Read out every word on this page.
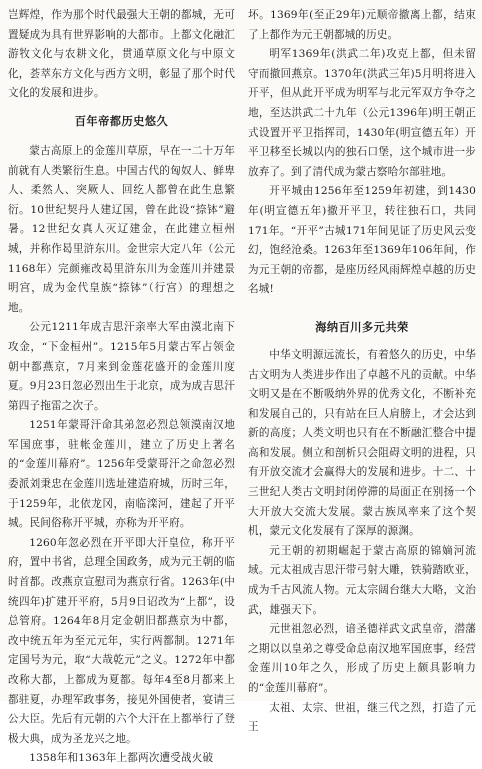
岂辉煌，作为那个时代最强大王朝的都城，无可置疑成为具有世界影响的大都市。上都文化融汇游牧文化与农耕文化，贯通草原文化与中原文化，荟萃东方文化与西方文明，彰显了那个时代文化的发展和进步。

百年帝都历史悠久

蒙古高原上的金莲川草原，早在一二十万年前就有人类繁衍生息。中国古代的匈奴人、鲜卑人、柔然人、突厥人、回纥人都曾在此生息繁衍。10世纪契丹人建辽国，曾在此设“捺钵”避暑。12世纪女真人灭辽建金，在此建立桓州城，并称作曷里浒东川。金世宗大定八年（公元1168年）完颜雍改曷里浒东川为金莲川并建景明宫，成为金代皇族“捺钵”（行宫）的理想之地。

公元1211年成吉思汗亲率大军由漠北南下攻金，“下金桓州”。1215年5月蒙古军占领金朝中都燕京，7月来到金莲花盛开的金莲川度夏。9月23日忽必烈出生于北京，成为成吉思汗第四子拖雷之次子。

1251年蒙哥汗命其弟忽必烈总领漠南汉地军国庶事，驻帐金莲川，建立了历史上著名的“金莲川幕府”。1256年受蒙哥汗之命忽必烈委派刘秉忠在金莲川选址建造府城，历时三年，于1259年，北依龙冈，南临滦河，建起了开平城。民间俗称开平城，亦称为开平府。

1260年忽必烈在开平即大汗皇位，称开平府，置中书省，总理全国政务，成为元王朝的临时首都。改燕京宣慰司为燕京行省。1263年(中统四年)扩建开平府，5月9日诏改为“上都”，设总管府。1264年8月定金朝旧都燕京为中都，改中统五年为至元元年，实行两都制。1271年定国号为元，取“大哉乾元”之义。1272年中都改称大都，上都成为夏都。每年4至8月都来上都驻夏，办理军政事务，接见外国使者，宴请三公大臣。先后有元朝的六个大汗在上都举行了登极大典，成为圣龙兴之地。

1358年和1363年上都两次遭受战火破

坏。1369年(至正29年)元顺帝撤离上都，结束了上都作为元王朝都城的历史。

明军1369年(洪武二年)攻克上都，但未留守而撤回燕京。1370年(洪武三年)5月明将进入开平，但从此开平成为明军与北元军双方争夺之地，至达洪武二十九年（公元1396年)明王朝正式设置开平卫指挥司，1430年(明宣德五年）开平卫移至长城以内的独石口堡，这个城市进一步放弃了。到了清代成为蒙古察哈尔部驻地。

开平城由1256年至1259年初建，到1430年(明宣德五年)撤开平卫，转往独石口，共同171年。“开平”古城171年间见证了历史风云变幻，饱经沧桑。1263年至1369年106年间，作为元王朝的帝都，是座历经风雨辉煌卓越的历史名城!

海纳百川多元共荣

中华文明源远流长，有着悠久的历史，中华古文明为人类进步作出了卓越不凡的贡献。中华文明又是在不断吸纳外界的优秀文化，不断补充和发展自己的，只有站在巨人肩膀上，才会达到新的高度；人类文明也只有在不断融汇整合中提高和发展。侧立和剖析只会阻碍文明的进程，只有开放交流才会赢得大的发展和进步。十二、十三世纪人类古文明封闭停滞的局面正在别扬一个大开放大交流大发展。蒙古族凤率来了这个契机，蒙元文化发展有了深厚的源渊。

元王朝的初期崛起于蒙古高原的锦嫡河流域。元太祖成吉思汗带弓射大雕，铁骑踏欧亚，成为千古风流人物。元太宗阔台继大大略，文治武，雄强天下。

元世祖忽必烈，谙圣德祥武文武皇帝，潜藩之期以以皇弟之尊受命总南汉地军国庶事，经营金莲川10年之久，形成了历史上颇具影响力的“金莲川幕府”。

太祖、太宗、世祖，继三代之烈，打造了元王
